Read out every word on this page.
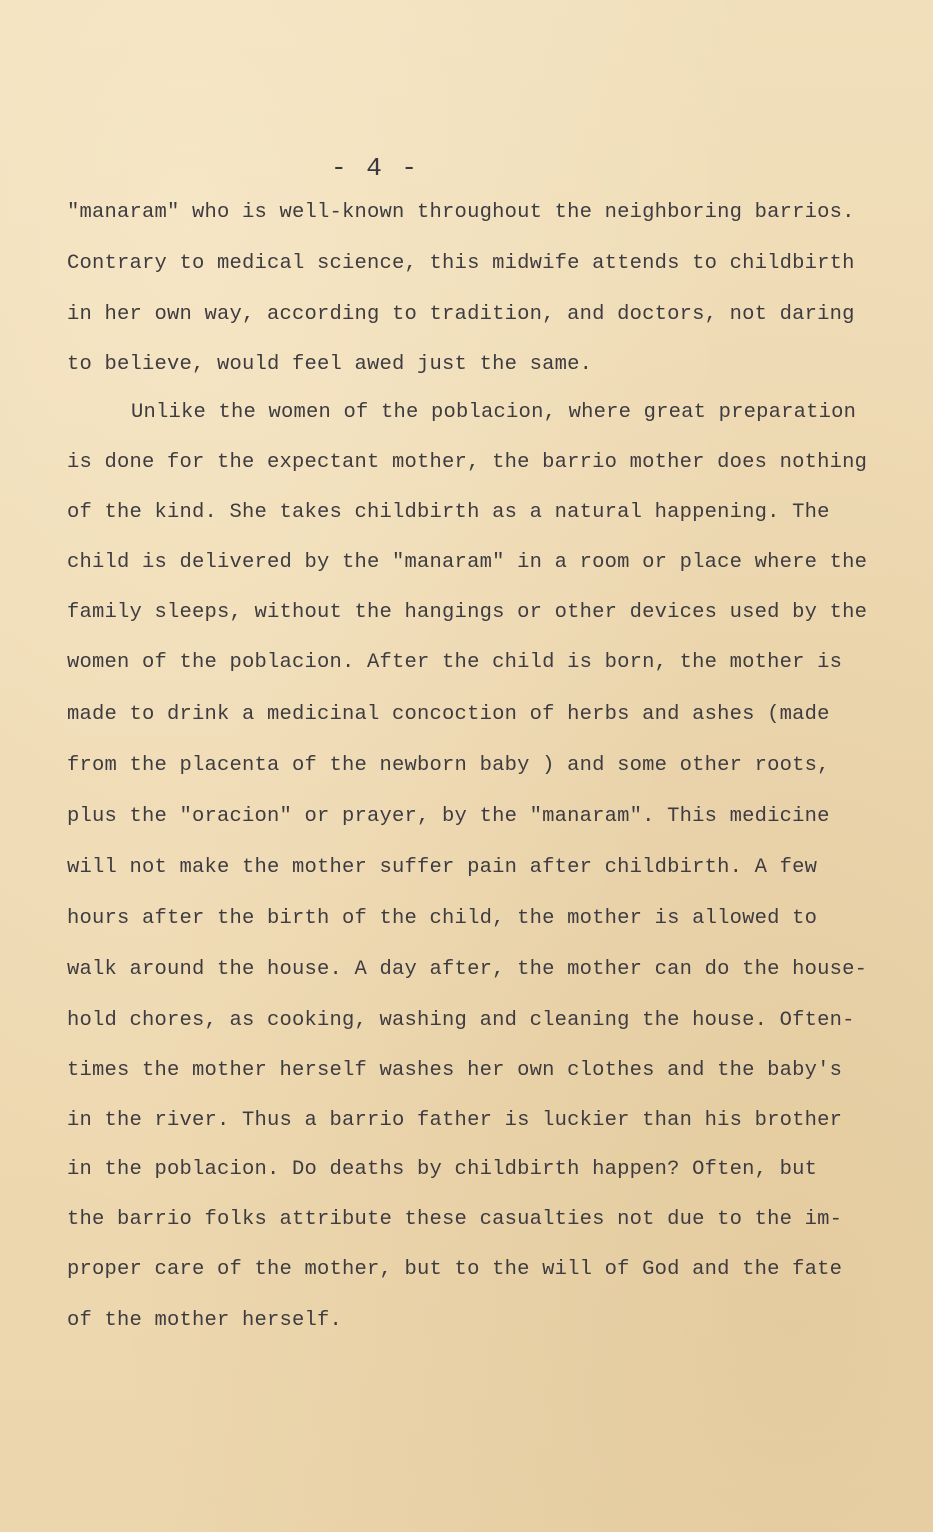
- 4 -

"manaram" who is well-known throughout the neighboring barrios.

Contrary to medical science, this midwife attends to childbirth

in her own way, according to tradition, and doctors, not daring

to believe, would feel awed just the same.

Unlike the women of the poblacion, where great preparation

is done for the expectant mother, the barrio mother does nothing

of the kind. She takes childbirth as a natural happening. The

child is delivered by the "manaram" in a room or place where the

family sleeps, without the hangings or other devices used by the

women of the poblacion. After the child is born, the mother is

made to drink a medicinal concoction of herbs and ashes (made

from the placenta of the newborn baby ) and some other roots,

plus the "oracion" or prayer, by the "manaram". This medicine

will not make the mother suffer pain after childbirth. A few

hours after the birth of the child, the mother is allowed to

walk around the house. A day after, the mother can do the house-

hold chores, as cooking, washing and cleaning the house. Often-

times the mother herself washes her own clothes and the baby's

in the river. Thus a barrio father is luckier than his brother

in the poblacion. Do deaths by childbirth happen? Often, but

the barrio folks attribute these casualties not due to the im-

proper care of the mother, but to the will of God and the fate

of the mother herself.
